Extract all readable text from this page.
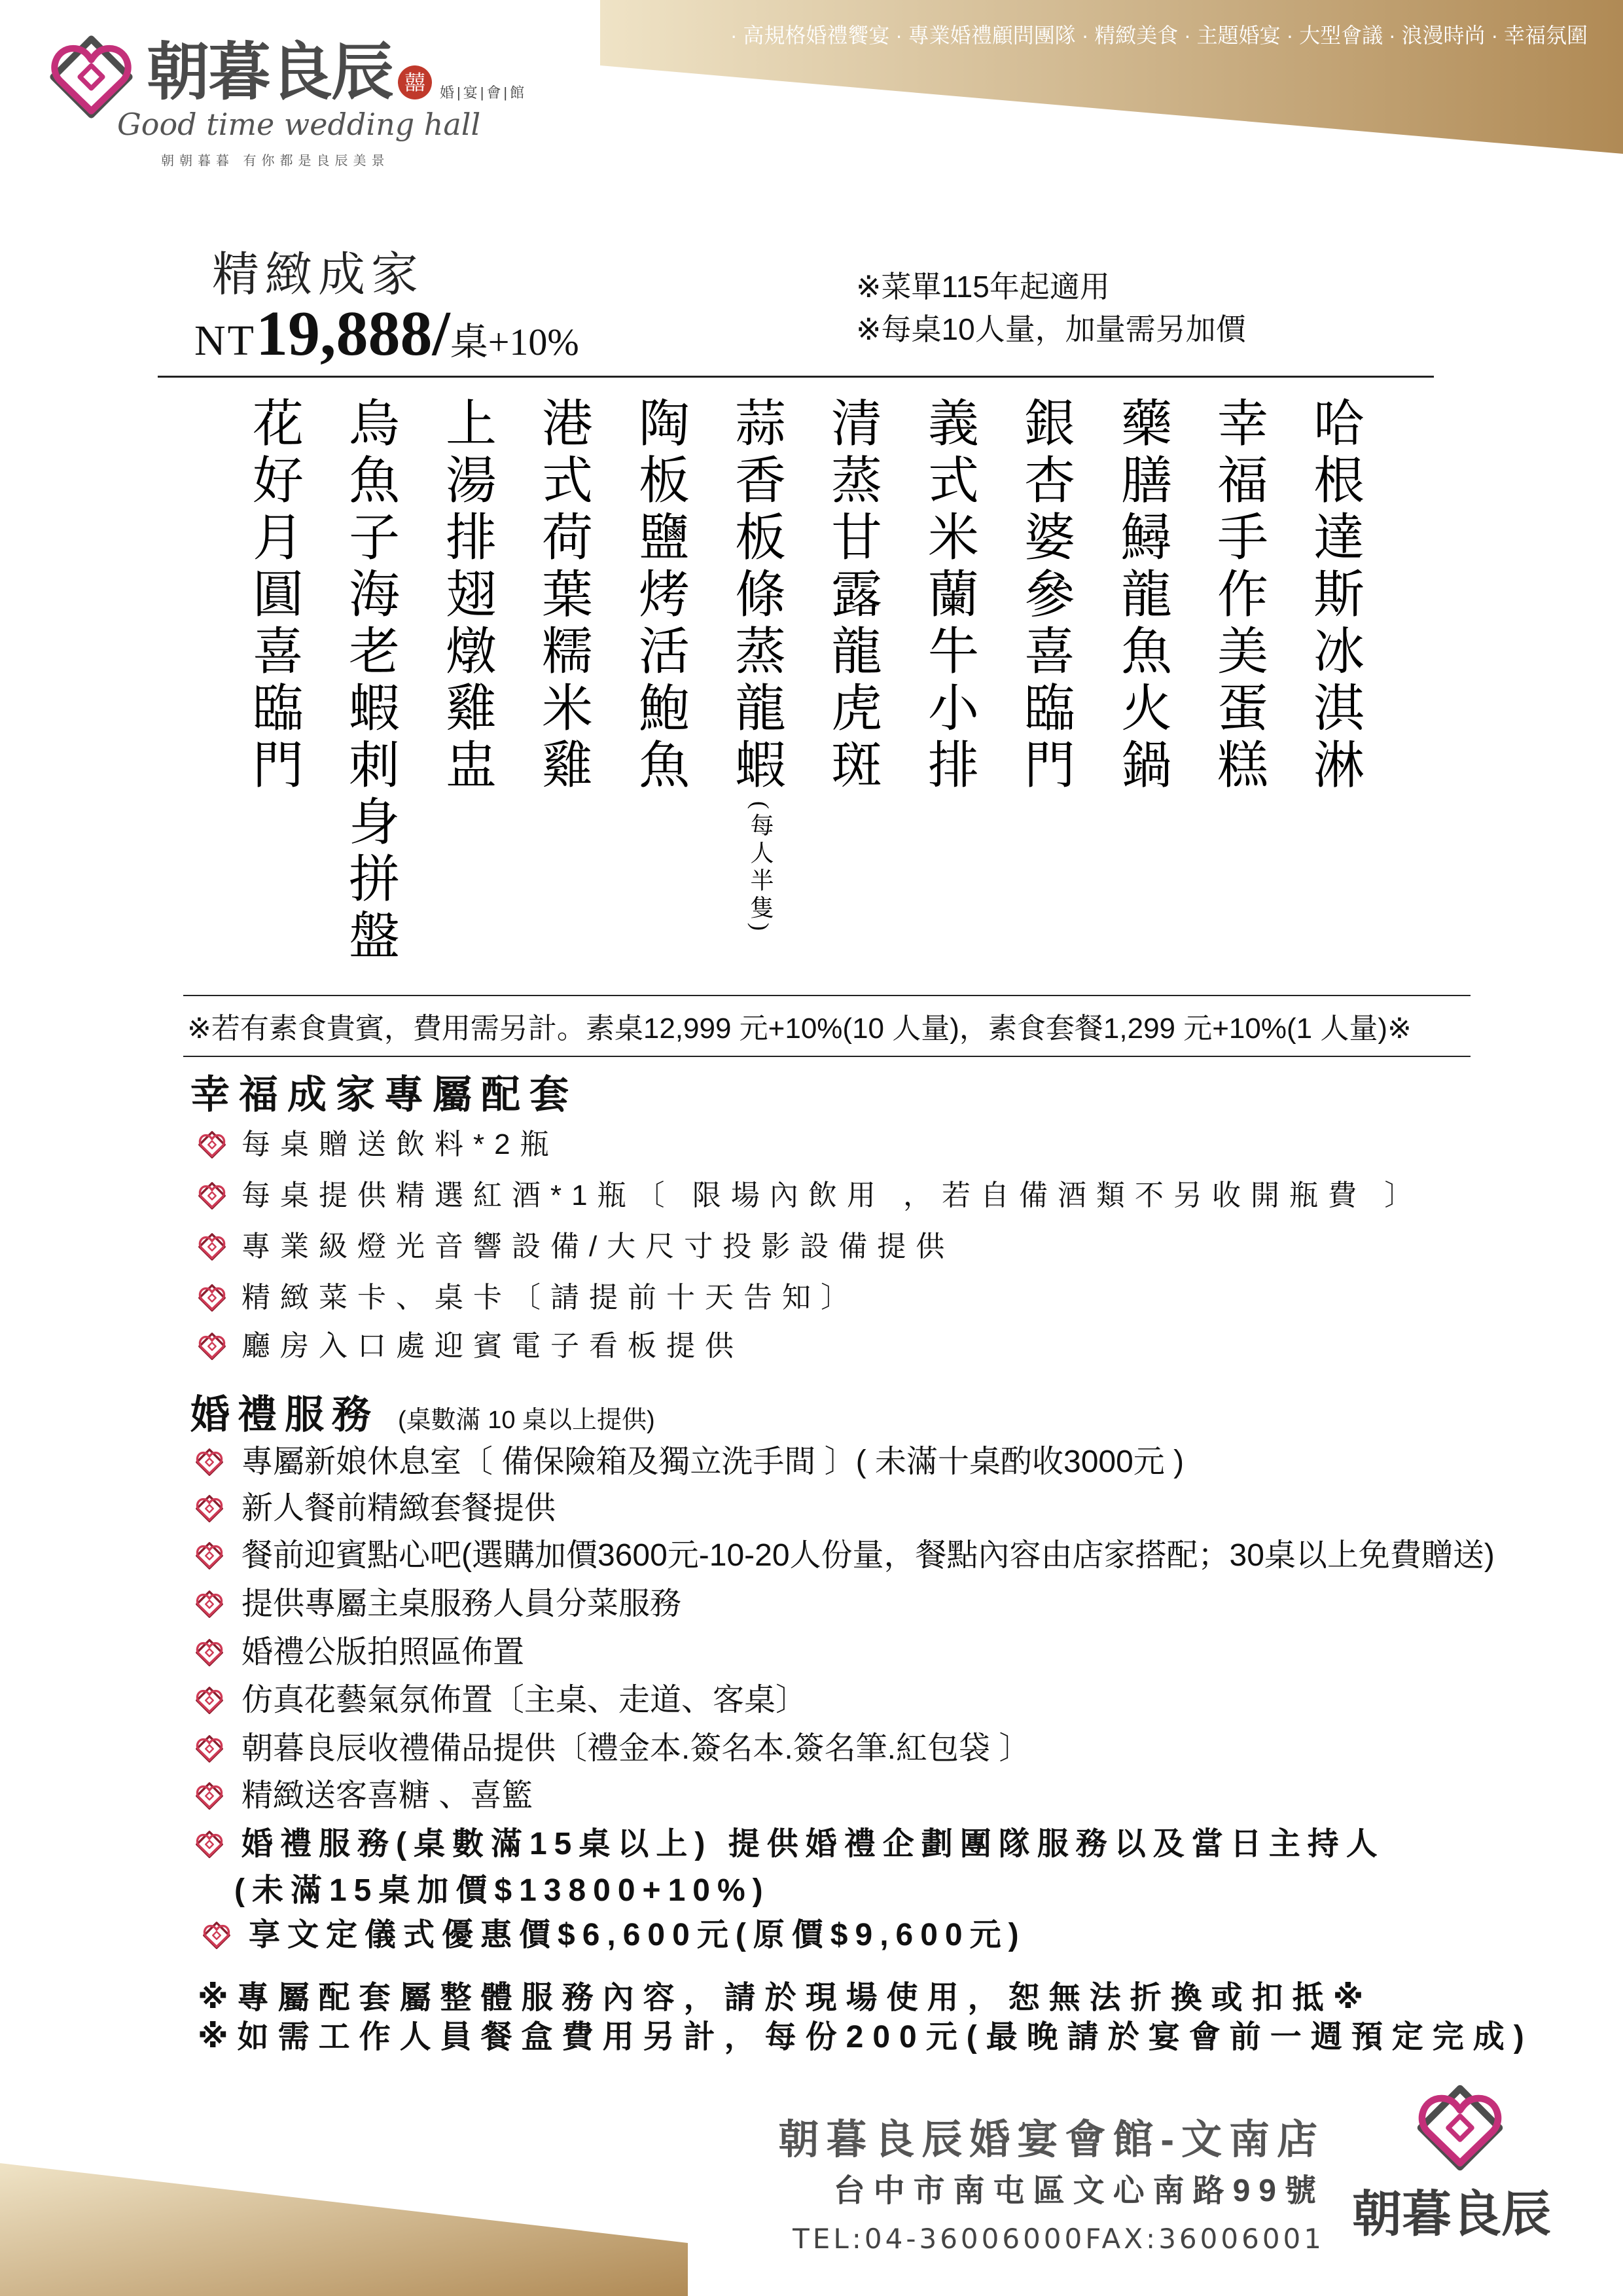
· 高規格婚禮饗宴 · 專業婚禮顧問團隊 · 精緻美食 · 主題婚宴 · 大型會議 · 浪漫時尚 · 幸福氛圍
朝暮良辰 囍	婚|宴|會|館
Good time wedding hall
朝朝暮暮 有你都是良辰美景
精緻成家
NT 19,888/ 桌+10%
※菜單115年起適用
※每桌10人量，加量需另加價
花好月圓喜臨門
烏魚子海老蝦刺身拼盤
上湯排翅燉雞盅
港式荷葉糯米雞
陶板鹽烤活鮑魚
蒜香板條蒸龍蝦
(每人半隻)
清蒸甘露龍虎斑
義式米蘭牛小排
銀杏婆參喜臨門
藥膳鱘龍魚火鍋
幸福手作美蛋糕
哈根達斯冰淇淋
※若有素食貴賓，費用需另計。素桌12,999 元+10%(10 人量)，素食套餐1,299 元+10%(1 人量)※
幸福成家專屬配套
每桌贈送飲料*2瓶
每桌提供精選紅酒*1瓶〔 限場內飲用 ，若自備酒類不另收開瓶費 〕
專業級燈光音響設備/大尺寸投影設備提供
精緻菜卡、桌卡〔請提前十天告知〕
廳房入口處迎賓電子看板提供
婚禮服務 (桌數滿 10 桌以上提供)
專屬新娘休息室〔 備保險箱及獨立洗手間 〕( 未滿十桌酌收3000元 )
新人餐前精緻套餐提供
餐前迎賓點心吧(選購加價3600元-10-20人份量，餐點內容由店家搭配；30桌以上免費贈送)
提供專屬主桌服務人員分菜服務
婚禮公版拍照區佈置
仿真花藝氣氛佈置〔主桌、走道、客桌〕
朝暮良辰收禮備品提供〔禮金本.簽名本.簽名筆.紅包袋 〕
精緻送客喜糖 、喜籃
婚禮服務(桌數滿15桌以上) 提供婚禮企劃團隊服務以及當日主持人
(未滿15桌加價$13800+10%)
享文定儀式優惠價$6,600元(原價$9,600元)
※專屬配套屬整體服務內容，請於現場使用，恕無法折換或扣抵※
※如需工作人員餐盒費用另計，每份200元(最晚請於宴會前一週預定完成)
朝暮良辰婚宴會館-文南店
台中市南屯區文心南路99號
TEL:04-36006000FAX:36006001 朝暮良辰
